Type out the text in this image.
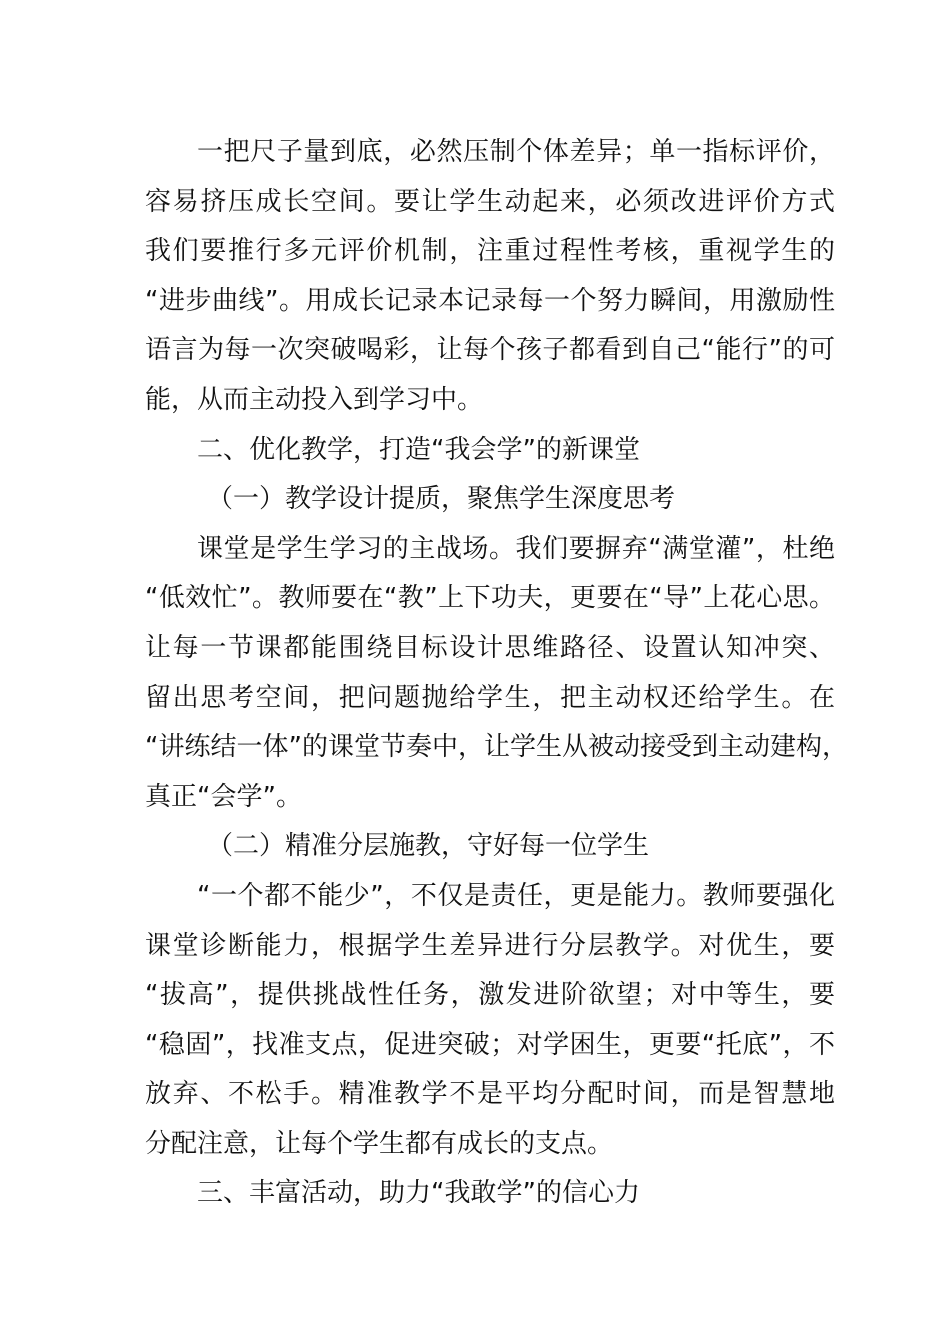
一把尺子量到底，必然压制个体差异；单一指标评价，

容易挤压成长空间。要让学生动起来，必须改进评价方式

我们要推行多元评价机制，注重过程性考核，重视学生的

“进步曲线”。用成长记录本记录每一个努力瞬间，用激励性

语言为每一次突破喝彩，让每个孩子都看到自己“能行”的可

能，从而主动投入到学习中。

二、优化教学，打造“我会学”的新课堂

（一）教学设计提质，聚焦学生深度思考

课堂是学生学习的主战场。我们要摒弃“满堂灌”，杜绝

“低效忙”。教师要在“教”上下功夫，更要在“导”上花心思。

让每一节课都能围绕目标设计思维路径、设置认知冲突、

留出思考空间，把问题抛给学生，把主动权还给学生。在

“讲练结一体”的课堂节奏中，让学生从被动接受到主动建构，

真正“会学”。

（二）精准分层施教，守好每一位学生

“一个都不能少”，不仅是责任，更是能力。教师要强化

课堂诊断能力，根据学生差异进行分层教学。对优生，要

“拔高”，提供挑战性任务，激发进阶欲望；对中等生，要

“稳固”，找准支点，促进突破；对学困生，更要“托底”，不

放弃、不松手。精准教学不是平均分配时间，而是智慧地

分配注意，让每个学生都有成长的支点。

三、丰富活动，助力“我敢学”的信心力
